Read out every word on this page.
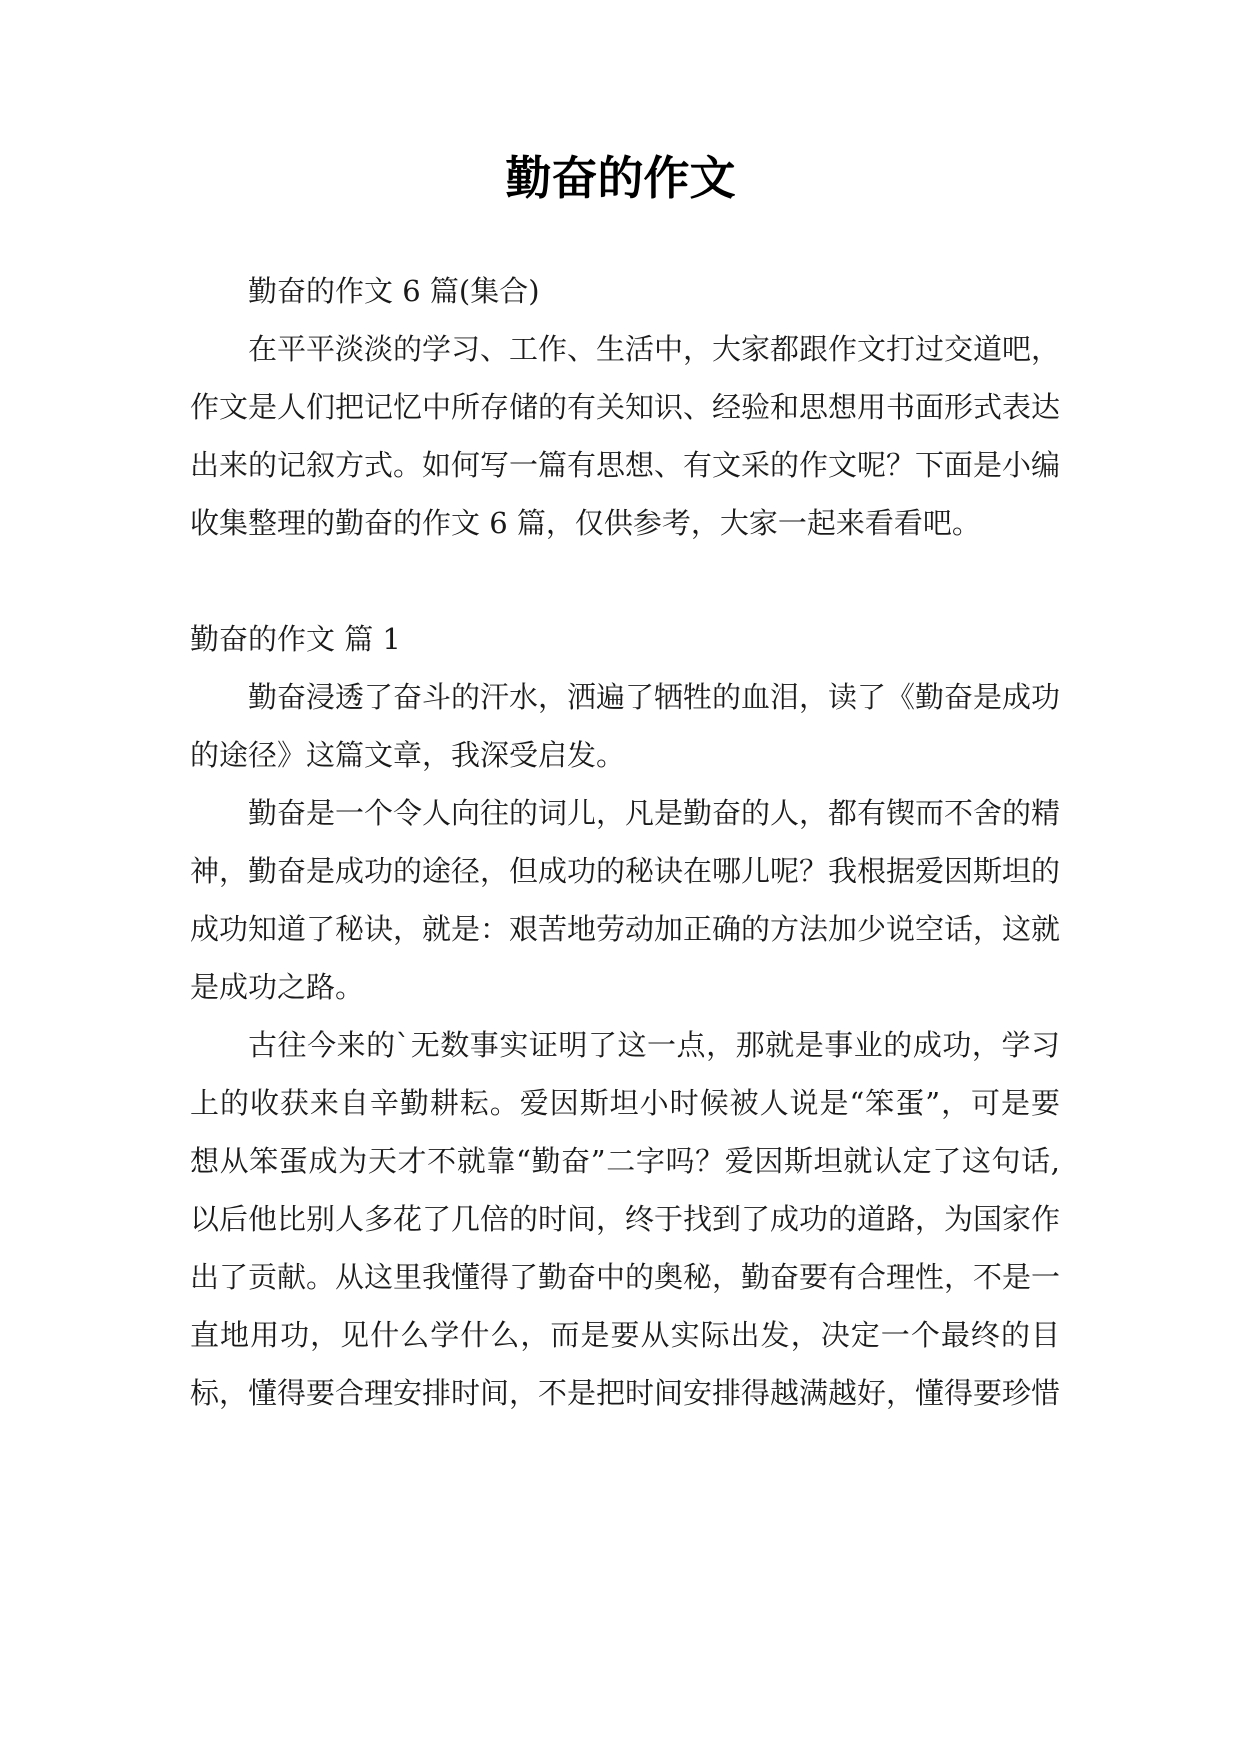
勤奋的作文

勤奋的作文 6 篇(集合)

在平平淡淡的学习、工作、生活中，大家都跟作文打过交道吧，作文是人们把记忆中所存储的有关知识、经验和思想用书面形式表达出来的记叙方式。如何写一篇有思想、有文采的作文呢？下面是小编收集整理的勤奋的作文 6 篇，仅供参考，大家一起来看看吧。

勤奋的作文 篇 1

勤奋浸透了奋斗的汗水，洒遍了牺牲的血泪，读了《勤奋是成功的途径》这篇文章，我深受启发。

勤奋是一个令人向往的词儿，凡是勤奋的人，都有锲而不舍的精神，勤奋是成功的途径，但成功的秘诀在哪儿呢？我根据爱因斯坦的成功知道了秘诀，就是：艰苦地劳动加正确的方法加少说空话，这就是成功之路。

古往今来的`无数事实证明了这一点，那就是事业的成功，学习上的收获来自辛勤耕耘。爱因斯坦小时候被人说是“笨蛋”，可是要想从笨蛋成为天才不就靠“勤奋”二字吗？爱因斯坦就认定了这句话,以后他比别人多花了几倍的时间，终于找到了成功的道路，为国家作出了贡献。从这里我懂得了勤奋中的奥秘，勤奋要有合理性，不是一直地用功，见什么学什么，而是要从实际出发，决定一个最终的目标，懂得要合理安排时间，不是把时间安排得越满越好，懂得要珍惜
